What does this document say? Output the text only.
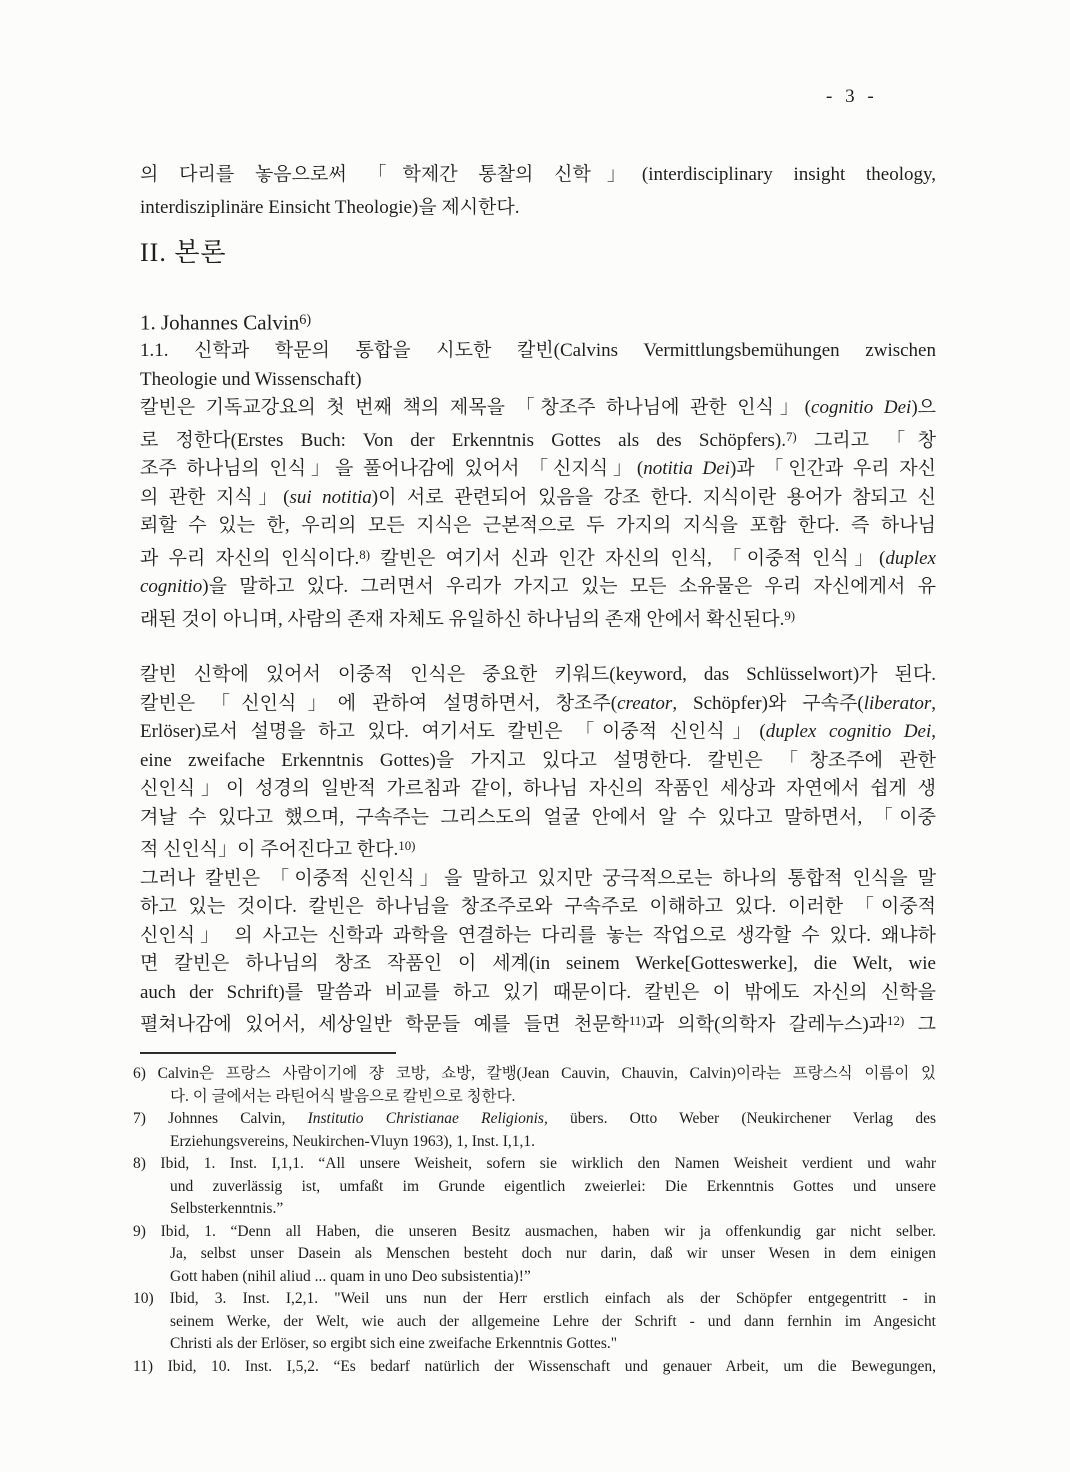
- 3 -
의 다리를 놓음으로써 「학제간 통찰의 신학」(interdisciplinary insight theology,
interdisziplinäre Einsicht Theologie)을 제시한다.
II. 본론
1. Johannes Calvin$^{6)}$
1.1. 신학과 학문의 통합을 시도한 칼빈(Calvins Vermittlungsbemühungen zwischen
Theologie und Wissenschaft)
칼빈은 기독교강요의 첫 번째 책의 제목을 「창조주 하나님에 관한 인식」(cognitio Dei)으
로 정한다(Erstes Buch: Von der Erkenntnis Gottes als des Schöpfers).$^{7)}$ 그리고 「창
조주 하나님의 인식」을 풀어나감에 있어서 「신지식」(notitia Dei)과 「인간과 우리 자신
의 관한 지식」(sui notitia)이 서로 관련되어 있음을 강조 한다. 지식이란 용어가 참되고 신
뢰할 수 있는 한, 우리의 모든 지식은 근본적으로 두 가지의 지식을 포함 한다. 즉 하나님
과 우리 자신의 인식이다.$^{8)}$ 칼빈은 여기서 신과 인간 자신의 인식, 「이중적 인식」(duplex
cognitio)을 말하고 있다. 그러면서 우리가 가지고 있는 모든 소유물은 우리 자신에게서 유
래된 것이 아니며, 사람의 존재 자체도 유일하신 하나님의 존재 안에서 확신된다.$^{9)}$
칼빈 신학에 있어서 이중적 인식은 중요한 키워드(keyword, das Schlüsselwort)가 된다.
칼빈은 「신인식」에 관하여 설명하면서, 창조주(creator, Schöpfer)와 구속주(liberator,
Erlöser)로서 설명을 하고 있다. 여기서도 칼빈은 「이중적 신인식」(duplex cognitio Dei,
eine zweifache Erkenntnis Gottes)을 가지고 있다고 설명한다. 칼빈은 「창조주에 관한
신인식」이 성경의 일반적 가르침과 같이, 하나님 자신의 작품인 세상과 자연에서 쉽게 생
겨날 수 있다고 했으며, 구속주는 그리스도의 얼굴 안에서 알 수 있다고 말하면서, 「이중
적 신인식」이 주어진다고 한다.$^{10)}$
그러나 칼빈은 「이중적 신인식」을 말하고 있지만 궁극적으로는 하나의 통합적 인식을 말
하고 있는 것이다. 칼빈은 하나님을 창조주로와 구속주로 이해하고 있다. 이러한 「이중적
신인식」 의 사고는 신학과 과학을 연결하는 다리를 놓는 작업으로 생각할 수 있다. 왜냐하
면 칼빈은 하나님의 창조 작품인 이 세계(in seinem Werke[Gotteswerke], die Welt, wie
auch der Schrift)를 말씀과 비교를 하고 있기 때문이다. 칼빈은 이 밖에도 자신의 신학을
펼쳐나감에 있어서, 세상일반 학문들 예를 들면 천문학$^{11)}$과 의학(의학자 갈레누스)과$^{12)}$ 그
6) Calvin은 프랑스 사람이기에 쟝 코방, 쇼방, 칼뱅(Jean Cauvin, Chauvin, Calvin)이라는 프랑스식 이름이 있
다. 이 글에서는 라틴어식 발음으로 칼빈으로 칭한다.
7) Johnnes Calvin, Institutio Christianae Religionis, übers. Otto Weber (Neukirchener Verlag des
Erziehungsvereins, Neukirchen-Vluyn 1963), 1, Inst. I,1,1.
8) Ibid, 1. Inst. I,1,1. “All unsere Weisheit, sofern sie wirklich den Namen Weisheit verdient und wahr
und zuverlässig ist, umfaßt im Grunde eigentlich zweierlei: Die Erkenntnis Gottes und unsere
Selbsterkenntnis.”
9) Ibid, 1. “Denn all Haben, die unseren Besitz ausmachen, haben wir ja offenkundig gar nicht selber.
Ja, selbst unser Dasein als Menschen besteht doch nur darin, daß wir unser Wesen in dem einigen
Gott haben (nihil aliud ... quam in uno Deo subsistentia)!”
10) Ibid, 3. Inst. I,2,1. "Weil uns nun der Herr erstlich einfach als der Schöpfer entgegentritt - in
seinem Werke, der Welt, wie auch der allgemeine Lehre der Schrift - und dann fernhin im Angesicht
Christi als der Erlöser, so ergibt sich eine zweifache Erkenntnis Gottes."
11) Ibid, 10. Inst. I,5,2. “Es bedarf natürlich der Wissenschaft und genauer Arbeit, um die Bewegungen,
